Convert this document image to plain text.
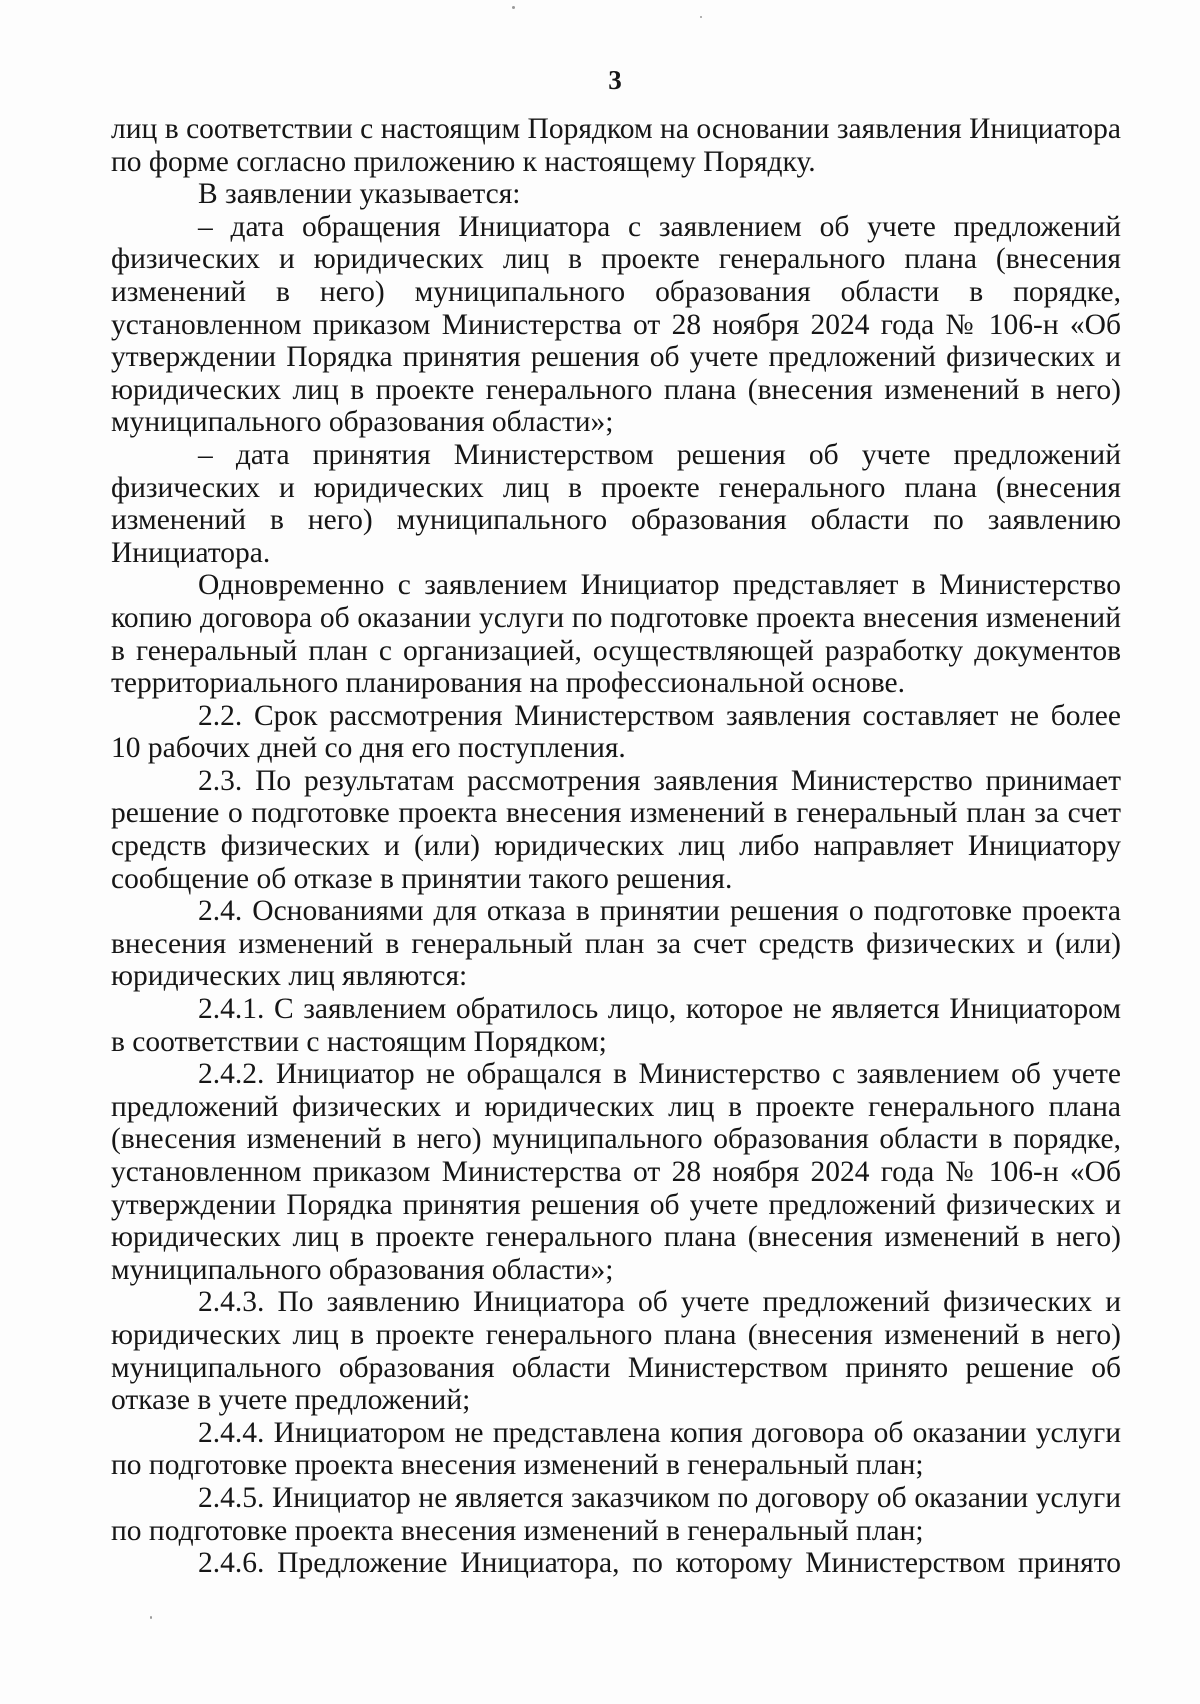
3

лиц в соответствии с настоящим Порядком на основании заявления Инициатора по форме согласно приложению к настоящему Порядку.

В заявлении указывается:

– дата обращения Инициатора с заявлением об учете предложений физических и юридических лиц в проекте генерального плана (внесения изменений в него) муниципального образования области в порядке, установленном приказом Министерства от 28 ноября 2024 года № 106-н «Об утверждении Порядка принятия решения об учете предложений физических и юридических лиц в проекте генерального плана (внесения изменений в него) муниципального образования области»;

– дата принятия Министерством решения об учете предложений физических и юридических лиц в проекте генерального плана (внесения изменений в него) муниципального образования области по заявлению Инициатора.

Одновременно с заявлением Инициатор представляет в Министерство копию договора об оказании услуги по подготовке проекта внесения изменений в генеральный план с организацией, осуществляющей разработку документов территориального планирования на профессиональной основе.

2.2. Срок рассмотрения Министерством заявления составляет не более 10 рабочих дней со дня его поступления.

2.3. По результатам рассмотрения заявления Министерство принимает решение о подготовке проекта внесения изменений в генеральный план за счет средств физических и (или) юридических лиц либо направляет Инициатору сообщение об отказе в принятии такого решения.

2.4. Основаниями для отказа в принятии решения о подготовке проекта внесения изменений в генеральный план за счет средств физических и (или) юридических лиц являются:

2.4.1. С заявлением обратилось лицо, которое не является Инициатором в соответствии с настоящим Порядком;

2.4.2. Инициатор не обращался в Министерство с заявлением об учете предложений физических и юридических лиц в проекте генерального плана (внесения изменений в него) муниципального образования области в порядке, установленном приказом Министерства от 28 ноября 2024 года № 106-н «Об утверждении Порядка принятия решения об учете предложений физических и юридических лиц в проекте генерального плана (внесения изменений в него) муниципального образования области»;

2.4.3. По заявлению Инициатора об учете предложений физических и юридических лиц в проекте генерального плана (внесения изменений в него) муниципального образования области Министерством принято решение об отказе в учете предложений;

2.4.4. Инициатором не представлена копия договора об оказании услуги по подготовке проекта внесения изменений в генеральный план;

2.4.5. Инициатор не является заказчиком по договору об оказании услуги по подготовке проекта внесения изменений в генеральный план;

2.4.6. Предложение Инициатора, по которому Министерством принято
